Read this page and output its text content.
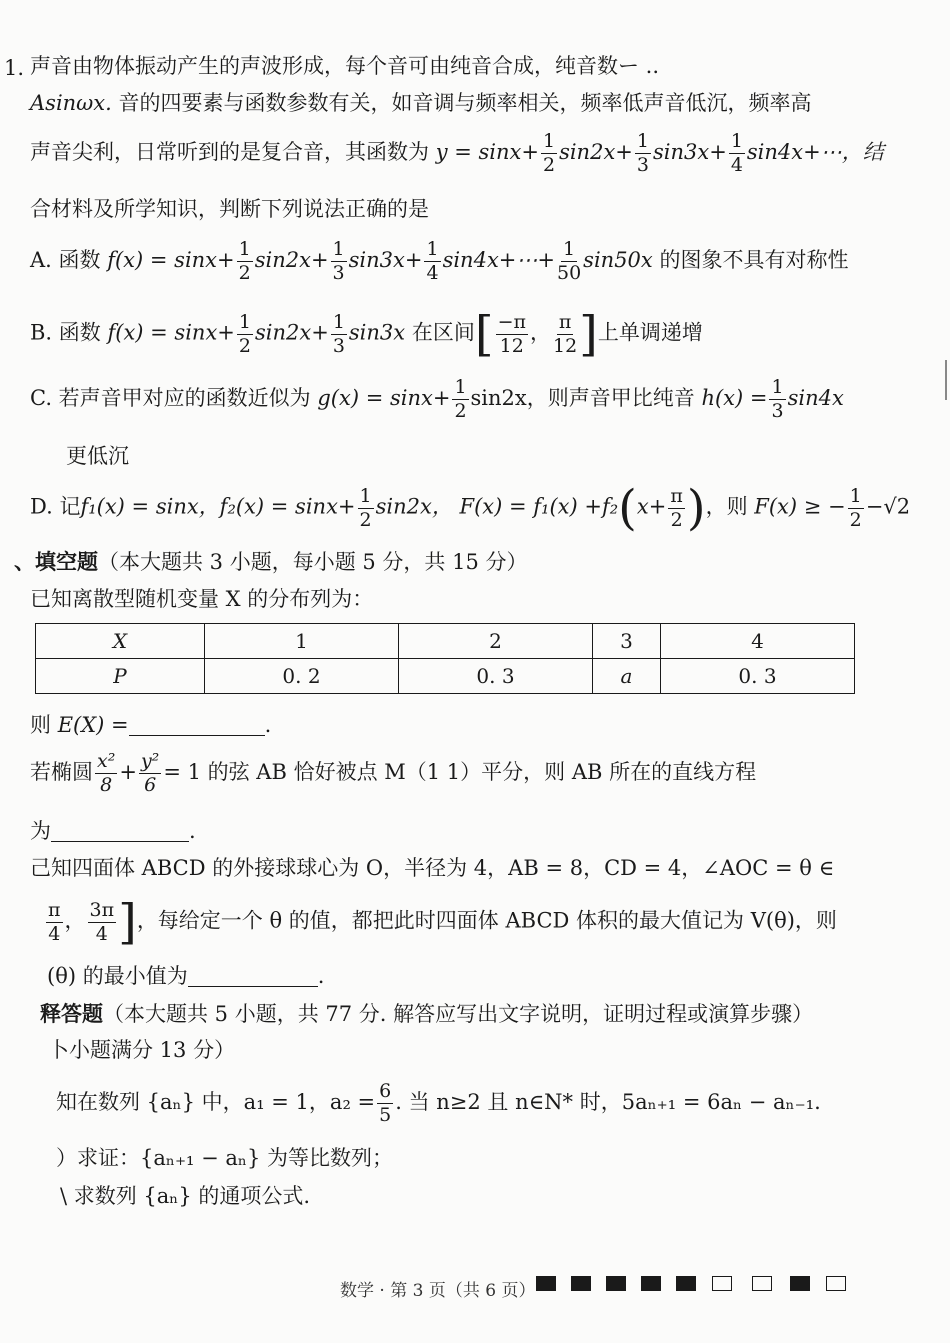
1. 声音由物体振动产生的声波形成，每个音可由纯音合成，纯音数ー ..
Asinωx. 音的四要素与函数参数有关，如音调与频率相关，频率低声音低沉，频率高
声音尖利，日常听到的是复合音，其函数为 $y = \sin x+ \frac{1}{2} \sin 2x+ \frac{1}{3} \sin 3x+ \frac{1}{4}$ sin4x+⋯，结
合材料及所学知识，判断下列说法正确的是
A. 函数 $f(x) = \sin x+ \frac{1}{2} \sin 2x+ \frac{1}{3} \sin 3x+ \frac{1}{4}$ sin4x+⋯+ $\frac{1}{50} \sin 50x$ 的图象不具有对称性
B. 函数 $f(x) = \sin x+ \frac{1}{2} \sin 2x+ \frac{1}{3} \sin 3x$ 在区间[ $\frac{-\pi}{12}$ ， $\frac{\pi}{12}$ ]上单调递增
C. 若声音甲对应的函数近似为 $g(x) = \sin x+ \frac{1}{2} \sin 2x$，则声音甲比纯音 $h(x) = \frac{1}{3} \sin 4x$
更低沉
D. 记f₁(x) = sinx，$f_2(x) = \sin x+ \frac{1}{2} \sin 2x$， $F(x) = f_1(x) +f_2(x+ \frac{\pi}{2}$ )，则 F(x) ≥ − $\frac{1}{2} -√2$
、填空题（本大题共 3 小题，每小题 5 分，共 15 分）
已知离散型随机变量 X 的分布列为：
X	1	2	3	4
P	0. 2	0. 3	a	0. 3
则 E(X) =	.
若椭圆 $\frac{\text{x²}}{8} + \frac{\text{y²}}{6} = 1$ 的弦 AB 恰好被点 M（1 1）平分，则 AB 所在的直线方程
为	.
己知四面体 ABCD 的外接球球心为 O，半径为 4，AB = 8，CD = 4，∠AOC = θ ∈
$\frac{\pi}{4}$ ， $\frac{3\pi}{4}$ ]，每给定一个 θ 的值，都把此时四面体 ABCD 体积的最大值记为 V(θ)，则
(θ) 的最小值为	.
释答题（本大题共 5 小题，共 77 分. 解答应写出文字说明，证明过程或演算步骤）
卜小题满分 13 分）
知在数列 {aₙ} 中，a₁ = 1，$a_2 = \frac{6}{5}$ . 当 n≥2 且 n∈N* 时，5aₙ₊₁ = 6aₙ − aₙ₋₁.
）求证：{aₙ₊₁ − aₙ} 为等比数列；
\ 求数列 {aₙ} 的通项公式.
数学 · 第 3 页（共 6 页）
